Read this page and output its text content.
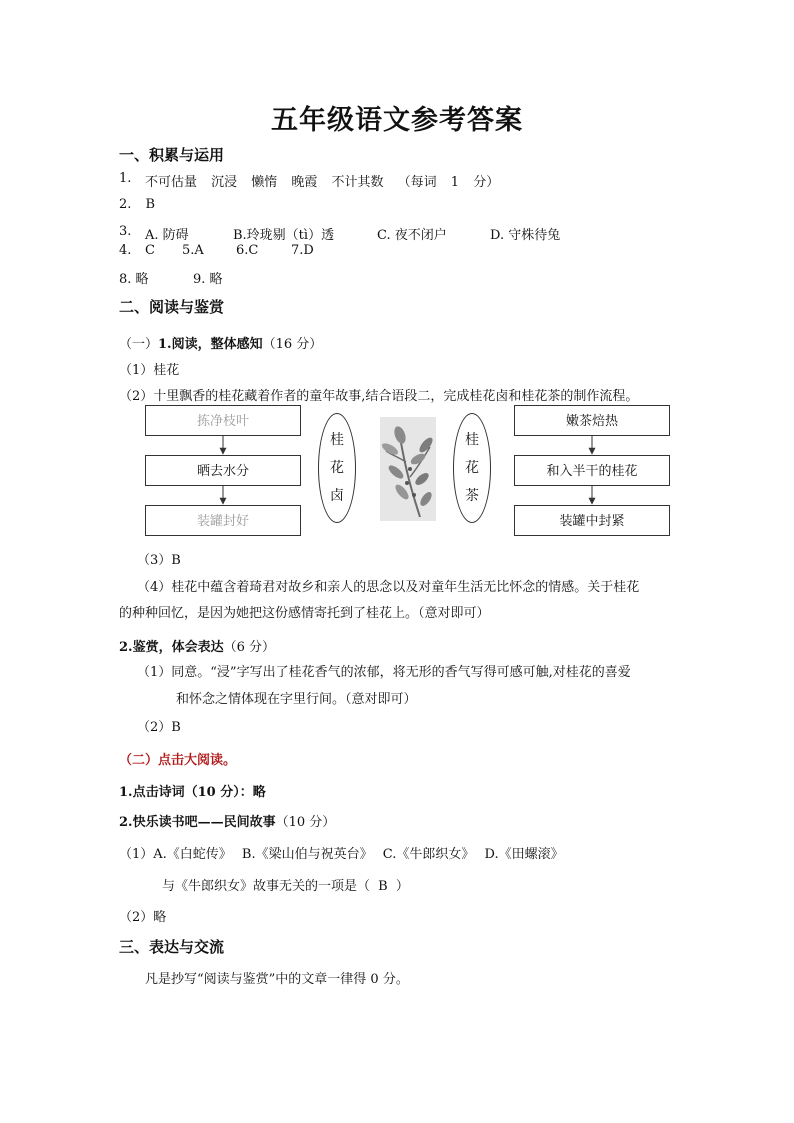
五年级语文参考答案
一、积累与运用
1. 不可估量 沉浸 懒惰 晚霞 不计其数 （每词 1 分）
2. B
3. A. 防碍	B.玲珑剔（tì）透	C. 夜不闭户	D. 守株待兔
4. C 5.A 6.C	7.D
8. 略	9. 略
二、阅读与鉴赏
（一）1.阅读，整体感知（16 分）
（1）桂花
（2）十里飘香的桂花藏着作者的童年故事,结合语段二，完成桂花卤和桂花茶的制作流程。
拣净枝叶
晒去水分
装罐封好
嫩茶焙热
和入半干的桂花
装罐中封紧
桂
花
卤
桂
花
茶
（3）B
（4）桂花中蕴含着琦君对故乡和亲人的思念以及对童年生活无比怀念的情感。关于桂花
的种种回忆，是因为她把这份感情寄托到了桂花上。（意对即可）
2.鉴赏，体会表达（6 分）
（1）同意。“浸”字写出了桂花香气的浓郁，将无形的香气写得可感可触,对桂花的喜爱
和怀念之情体现在字里行间。（意对即可）
（2）B
（二）点击大阅读。
1.点击诗词（10 分）：略
2.快乐读书吧——民间故事（10 分）
（1）A.《白蛇传》 B.《梁山伯与祝英台》 C.《牛郎织女》 D.《田螺滚》
与《牛郎织女》故事无关的一项是（ B ）
（2）略
三、表达与交流
凡是抄写“阅读与鉴赏”中的文章一律得 0 分。
